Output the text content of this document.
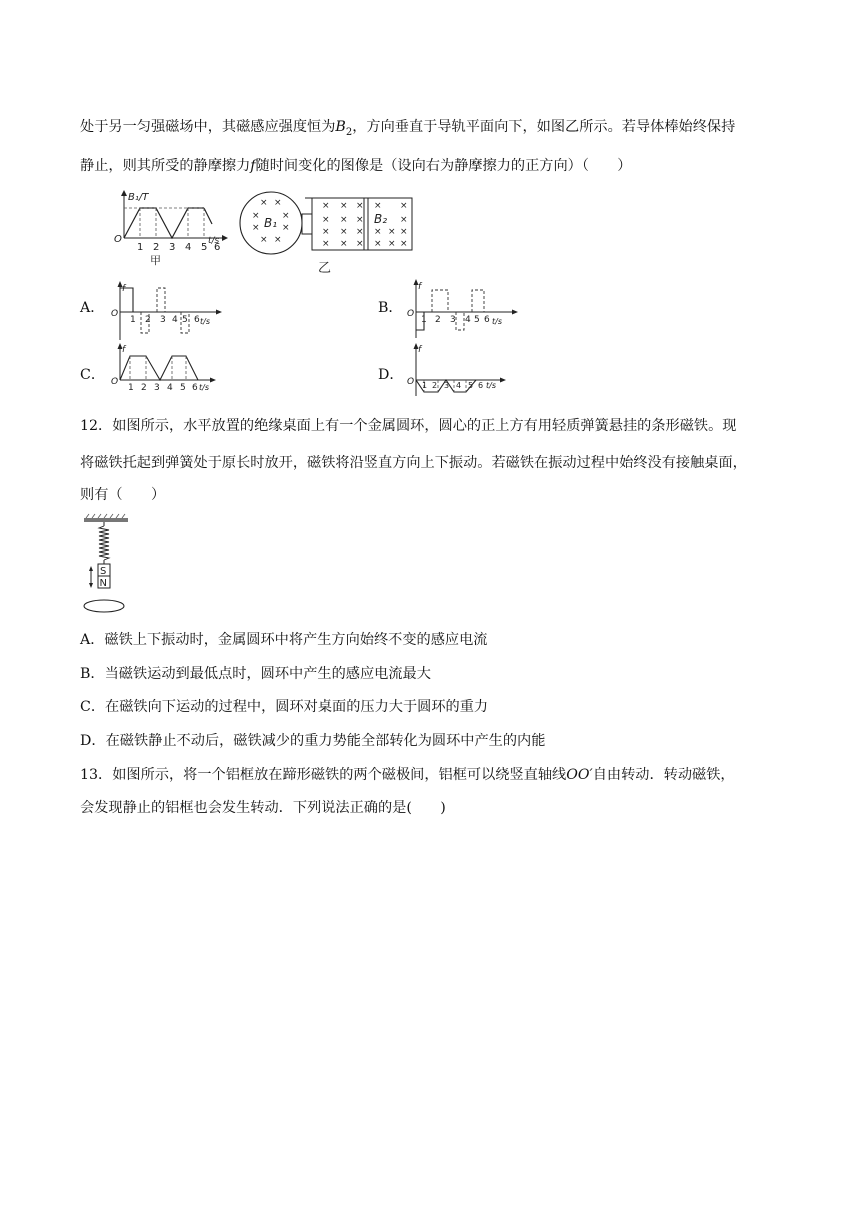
处于另一匀强磁场中，其磁感应强度恒为$B_2$，方向垂直于导轨平面向下，如图乙所示。若导体棒始终保持
静止，则其所受的静摩擦力f随时间变化的图像是（设向右为静摩擦力的正方向）（　　）
B₁/T
O
1 2 3 4 5 6
t/s
甲
× ×
× ×
× ×
× ×
× × × × ×
× × ×	×
× × × × × ×
× × × × × ×
B₁	B₂
乙
A．
f
O
1 2 3 4 5 6 t/s
B．
f
O
1 2 3 4 5 6 t/s
C．
f
O
1 2 3 4 5 6 t/s
D．
f
O 1 2 3 4 5 6 t/s
12．如图所示，水平放置的绝缘桌面上有一个金属圆环，圆心的正上方有用轻质弹簧悬挂的条形磁铁。现
将磁铁托起到弹簧处于原长时放开，磁铁将沿竖直方向上下振动。若磁铁在振动过程中始终没有接触桌面，
则有（　　）
S
N
A．磁铁上下振动时，金属圆环中将产生方向始终不变的感应电流
B．当磁铁运动到最低点时，圆环中产生的感应电流最大
C．在磁铁向下运动的过程中，圆环对桌面的压力大于圆环的重力
D．在磁铁静止不动后，磁铁减少的重力势能全部转化为圆环中产生的内能
13．如图所示，将一个铝框放在蹄形磁铁的两个磁极间，铝框可以绕竖直轴线OO′自由转动．转动磁铁，
会发现静止的铝框也会发生转动．下列说法正确的是(　　)
